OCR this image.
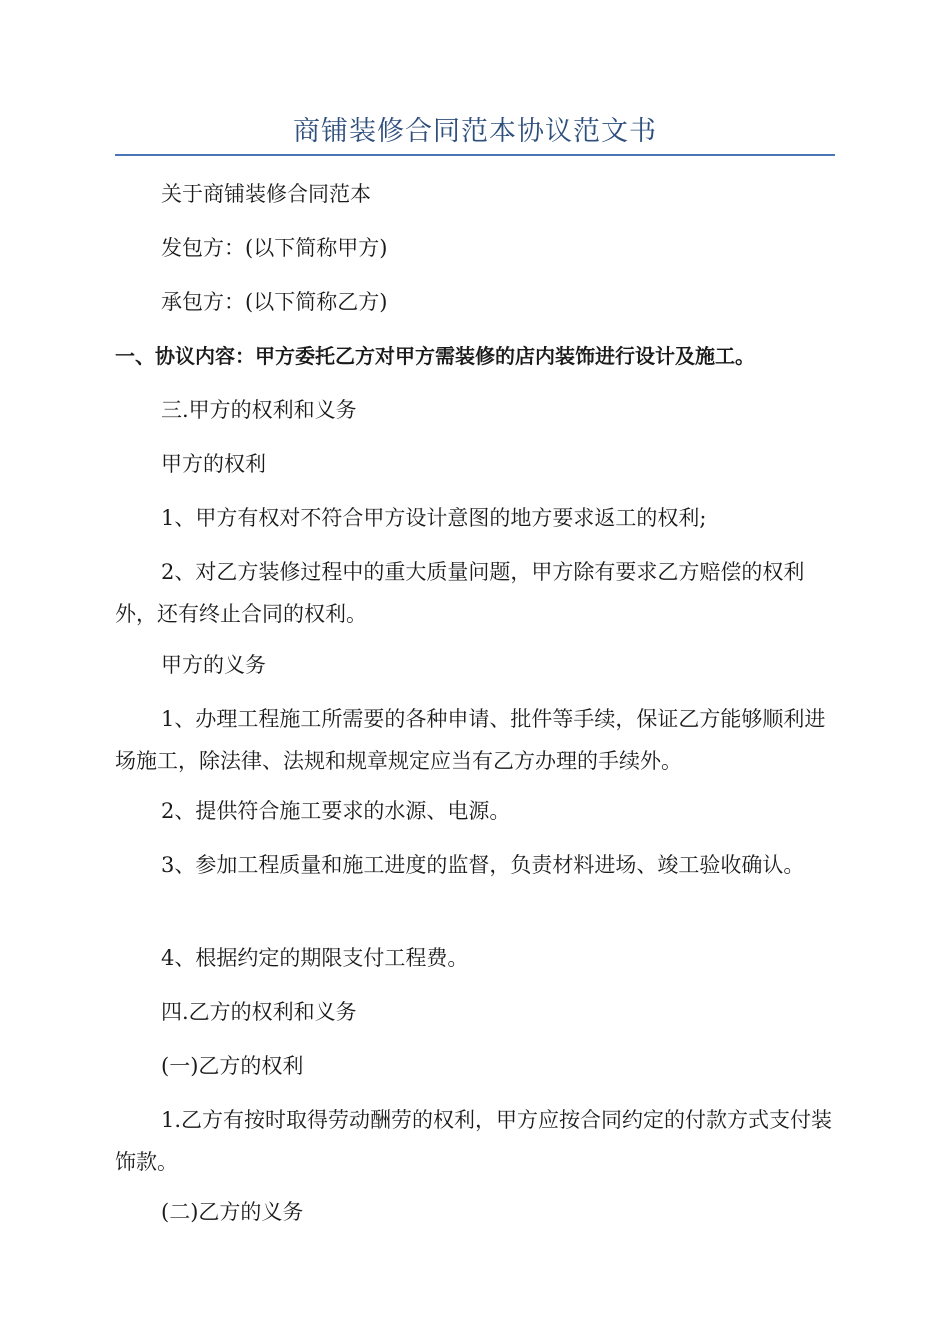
商铺装修合同范本协议范文书

关于商铺装修合同范本

发包方：(以下简称甲方)

承包方：(以下简称乙方)

一、协议内容：甲方委托乙方对甲方需装修的店内装饰进行设计及施工。

三.甲方的权利和义务

甲方的权利

1、甲方有权对不符合甲方设计意图的地方要求返工的权利;

2、对乙方装修过程中的重大质量问题，甲方除有要求乙方赔偿的权利外，还有终止合同的权利。

甲方的义务

1、办理工程施工所需要的各种申请、批件等手续，保证乙方能够顺利进场施工，除法律、法规和规章规定应当有乙方办理的手续外。

2、提供符合施工要求的水源、电源。

3、参加工程质量和施工进度的监督，负责材料进场、竣工验收确认。

4、根据约定的期限支付工程费。

四.乙方的权利和义务

(一)乙方的权利

1.乙方有按时取得劳动酬劳的权利，甲方应按合同约定的付款方式支付装饰款。

(二)乙方的义务
